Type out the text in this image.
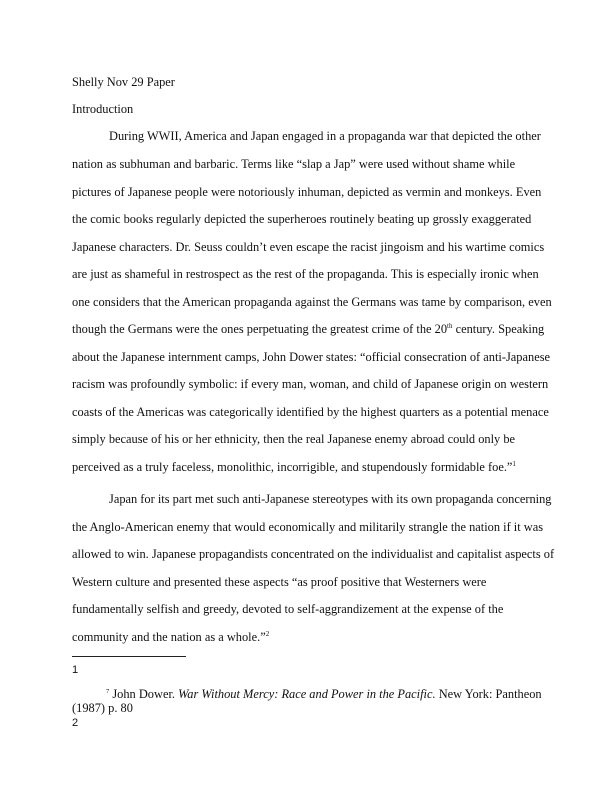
Shelly Nov 29 Paper
Introduction
During WWII, America and Japan engaged in a propaganda war that depicted the other
nation as subhuman and barbaric. Terms like “slap a Jap” were used without shame while
pictures of Japanese people were notoriously inhuman, depicted as vermin and monkeys. Even
the comic books regularly depicted the superheroes routinely beating up grossly exaggerated
Japanese characters. Dr. Seuss couldn’t even escape the racist jingoism and his wartime comics
are just as shameful in restrospect as the rest of the propaganda. This is especially ironic when
one considers that the American propaganda against the Germans was tame by comparison, even
though the Germans were the ones perpetuating the greatest crime of the 20th century. Speaking
about the Japanese internment camps, John Dower states: “official consecration of anti-Japanese
racism was profoundly symbolic: if every man, woman, and child of Japanese origin on western
coasts of the Americas was categorically identified by the highest quarters as a potential menace
simply because of his or her ethnicity, then the real Japanese enemy abroad could only be
perceived as a truly faceless, monolithic, incorrigible, and stupendously formidable foe.”$^1$
Japan for its part met such anti-Japanese stereotypes with its own propaganda concerning
the Anglo-American enemy that would economically and militarily strangle the nation if it was
allowed to win. Japanese propagandists concentrated on the individualist and capitalist aspects of
Western culture and presented these aspects “as proof positive that Westerners were
fundamentally selfish and greedy, devoted to self-aggrandizement at the expense of the
community and the nation as a whole.”$^2$
1
$^7$ John Dower. War Without Mercy: Race and Power in the Pacific. New York: Pantheon
(1987) p. 80
2
